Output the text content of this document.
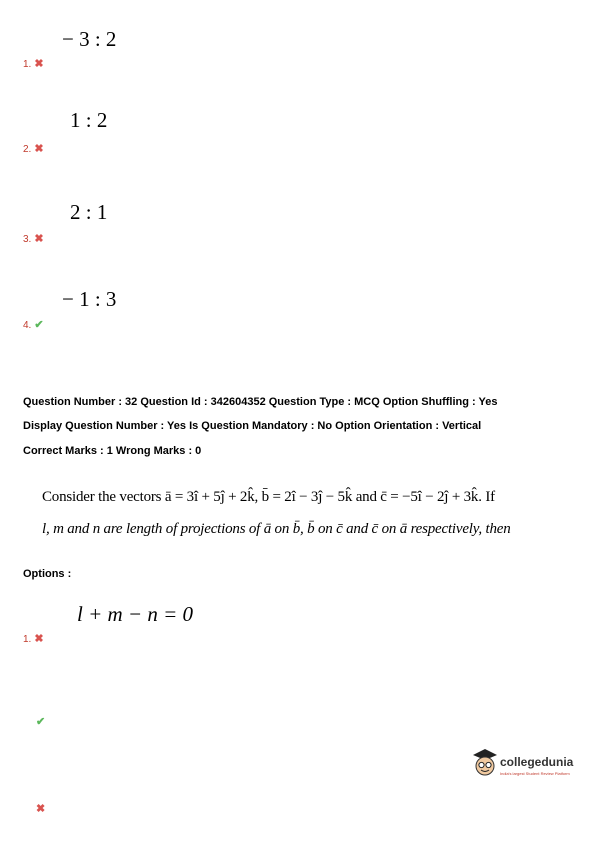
− 3 : 2
1. ✖
1 : 2
2. ✖
2 : 1
3. ✖
− 1 : 3
4. ✔
Question Number : 32 Question Id : 342604352 Question Type : MCQ Option Shuffling : Yes
Display Question Number : Yes Is Question Mandatory : No Option Orientation : Vertical
Correct Marks : 1 Wrong Marks : 0
Consider the vectors ā = 3î + 5ĵ + 2k̂, b̄ = 2î − 3ĵ − 5k̂ and c̄ = −5î − 2ĵ + 3k̂. If
l, m and n are length of projections of ā on b̄, b̄ on c̄ and c̄ on ā respectively, then
Options :
l + m − n = 0
1. ✖
✔
✖
collegedunia
India's largest Student Review Platform
